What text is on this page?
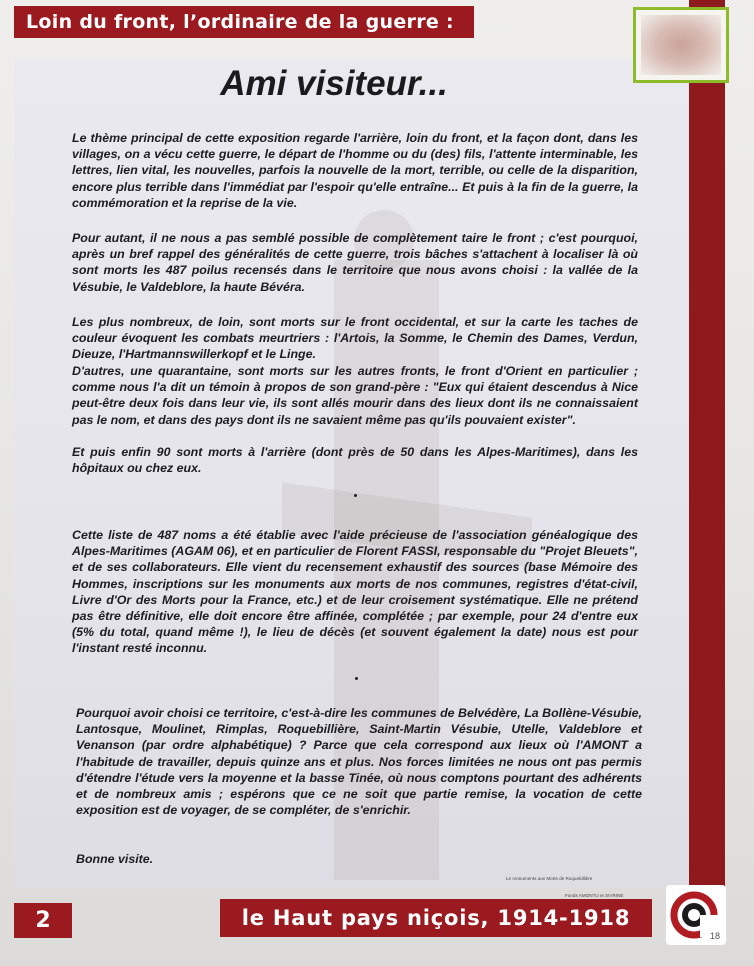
Loin du front, l’ordinaire de la guerre :
Ami visiteur...

Le thème principal de cette exposition regarde l'arrière, loin du front, et la façon dont, dans les villages, on a vécu cette guerre, le départ de l'homme ou du (des) fils, l'attente interminable, les lettres, lien vital, les nouvelles, parfois la nouvelle de la mort, terrible, ou celle de la disparition, encore plus terrible dans l'immédiat par l'espoir qu'elle entraîne... Et puis à la fin de la guerre, la commémoration et la reprise de la vie.

Pour autant, il ne nous a pas semblé possible de complètement taire le front ; c'est pourquoi, après un bref rappel des généralités de cette guerre, trois bâches s'attachent à localiser là où sont morts les 487 poilus recensés dans le territoire que nous avons choisi : la vallée de la Vésubie, le Valdeblore, la haute Bévéra.

Les plus nombreux, de loin, sont morts sur le front occidental, et sur la carte les taches de couleur évoquent les combats meurtriers : l'Artois, la Somme, le Chemin des Dames, Verdun, Dieuze, l'Hartmannswillerkopf et le Linge.

D'autres, une quarantaine, sont morts sur les autres fronts, le front d'Orient en particulier ; comme nous l'a dit un témoin à propos de son grand-père : "Eux qui étaient descendus à Nice peut-être deux fois dans leur vie, ils sont allés mourir dans des lieux dont ils ne connaissaient pas le nom, et dans des pays dont ils ne savaient même pas qu'ils pouvaient exister".

Et puis enfin 90 sont morts à l'arrière (dont près de 50 dans les Alpes-Maritimes), dans les hôpitaux ou chez eux.

Cette liste de 487 noms a été établie avec l'aide précieuse de l'association généalogique des Alpes-Maritimes (AGAM 06), et en particulier de Florent FASSI, responsable du "Projet Bleuets", et de ses collaborateurs. Elle vient du recensement exhaustif des sources (base Mémoire des Hommes, inscriptions sur les monuments aux morts de nos communes, registres d'état-civil, Livre d'Or des Morts pour la France, etc.) et de leur croisement systématique. Elle ne prétend pas être définitive, elle doit encore être affinée, complétée ; par exemple, pour 24 d'entre eux (5% du total, quand même !), le lieu de décès (et souvent également la date) nous est pour l'instant resté inconnu.

Pourquoi avoir choisi ce territoire, c'est-à-dire les communes de Belvédère, La Bollène-Vésubie, Lantosque, Moulinet, Rimplas, Roquebillière, Saint-Martin Vésubie, Utelle, Valdeblore et Venanson (par ordre alphabétique) ? Parce que cela correspond aux lieux où l'AMONT a l'habitude de travailler, depuis quinze ans et plus. Nos forces limitées ne nous ont pas permis d'étendre l'étude vers la moyenne et la basse Tinée, où nous comptons pourtant des adhérents et de nombreux amis ; espérons que ce ne soit que partie remise, la vocation de cette exposition est de voyager, de se compléter, de s'enrichir.

Bonne visite.

Le monuments aux Morts de Roquebillière
Fonds AMONTU et SIVRINE
2	le Haut pays niçois, 1914-1918
18
